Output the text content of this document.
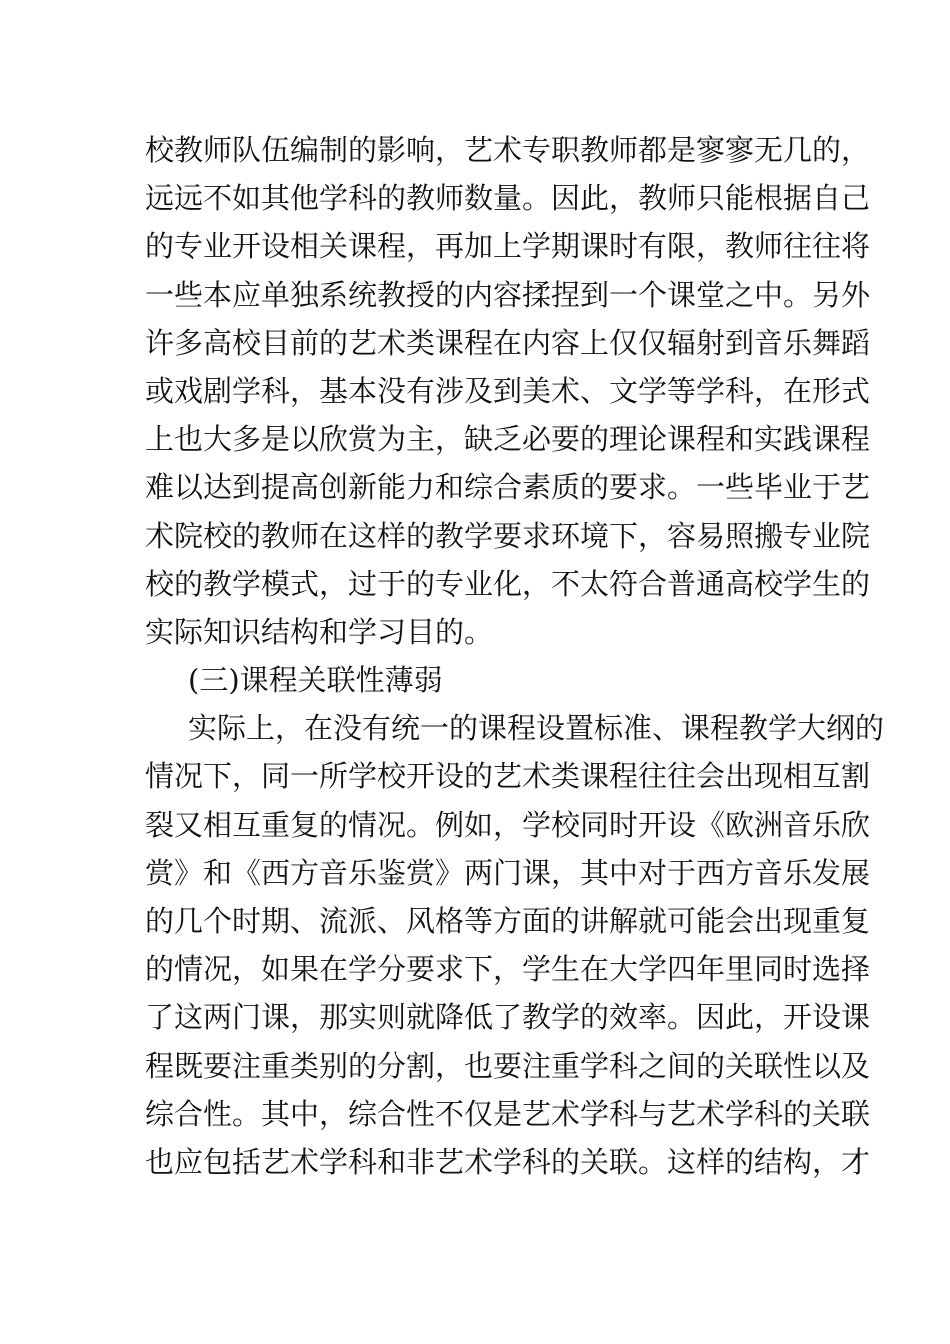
校教师队伍编制的影响，艺术专职教师都是寥寥无几的，
远远不如其他学科的教师数量。因此，教师只能根据自己
的专业开设相关课程，再加上学期课时有限，教师往往将
一些本应单独系统教授的内容揉捏到一个课堂之中。另外
许多高校目前的艺术类课程在内容上仅仅辐射到音乐舞蹈
或戏剧学科，基本没有涉及到美术、文学等学科，在形式
上也大多是以欣赏为主，缺乏必要的理论课程和实践课程
难以达到提高创新能力和综合素质的要求。一些毕业于艺
术院校的教师在这样的教学要求环境下，容易照搬专业院
校的教学模式，过于的专业化，不太符合普通高校学生的
实际知识结构和学习目的。
(三)课程关联性薄弱
实际上，在没有统一的课程设置标准、课程教学大纲的
情况下，同一所学校开设的艺术类课程往往会出现相互割
裂又相互重复的情况。例如，学校同时开设《欧洲音乐欣
赏》和《西方音乐鉴赏》两门课，其中对于西方音乐发展
的几个时期、流派、风格等方面的讲解就可能会出现重复
的情况，如果在学分要求下，学生在大学四年里同时选择
了这两门课，那实则就降低了教学的效率。因此，开设课
程既要注重类别的分割，也要注重学科之间的关联性以及
综合性。其中，综合性不仅是艺术学科与艺术学科的关联
也应包括艺术学科和非艺术学科的关联。这样的结构，才
